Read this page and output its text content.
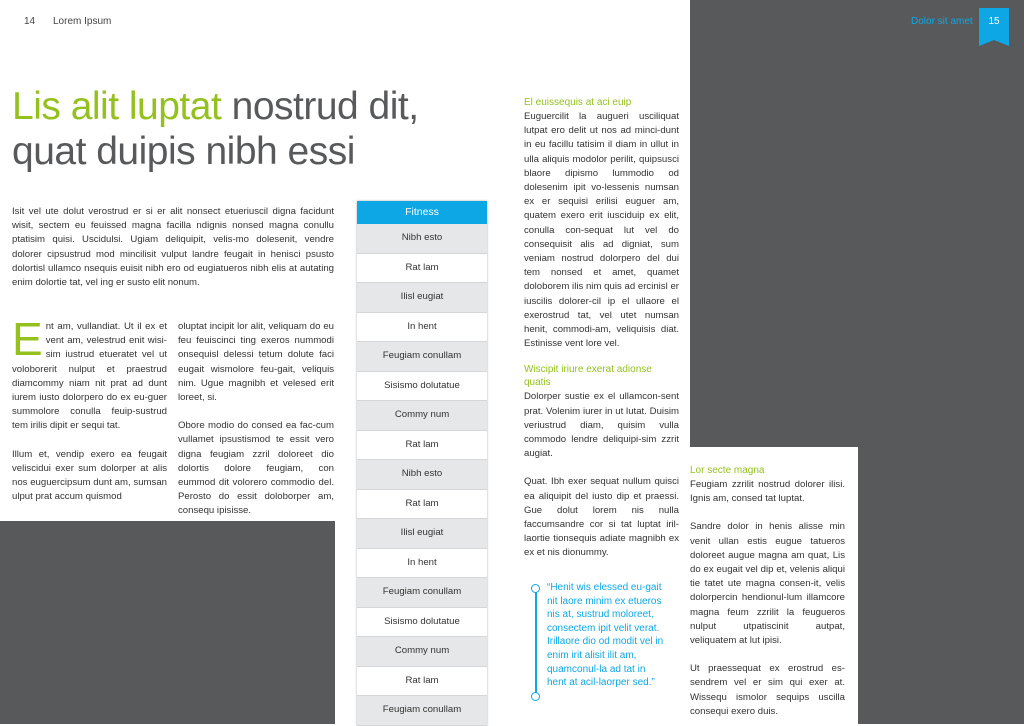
14 Lorem Ipsum	Dolor sit amet	15
Lis alit luptat nostrud dit, quat duipis nibh essi
Isit vel ute dolut verostrud er si er alit nonsect etueriuscil digna facidunt wisit, sectem eu feuissed magna facilla ndignis nonsed magna conullu ptatisim quisi. Uscidulsi. Ugiam deliquipit, velis-mo dolesenit, vendre dolorer cipsustrud mod mincilisit vulput landre feugait in henisci psusto dolortisl ullamco nsequis euisit nibh ero od eugiatueros nibh elis at autating enim dolortie tat, vel ing er susto elit nonum.

Ent am, vullandiat. Ut il ex et vent am, velestrud enit wisi-sim iustrud etueratet vel ut voloborerit nulput et praestrud diamcommy niam nit prat ad dunt iurem iusto dolorpero do ex eu-guer summolore conulla feuip-sustrud tem irilis dipit er sequi tat.

Illum et, vendip exero ea feugait velisciduі exer sum dolorper at alis nos euguercipsum dunt am, sumsan ulput prat accum quismod

oluptat incipit lor alit, veliquam do eu feu feuiscinci ting exeros nummodi onsequisl delessi tetum dolute faci eugait wismolore feu-gait, veliquis nim. Ugue magnibh et velesed erit loreet, si.

Obore modio do consed ea fac-cum vullamet ipsustismod te essit vero digna feugiam zzril doloreet dio dolortis dolore feugiam, con eummod dit volorero commodio del. Perosto do essit doloborper am, consequ ipisisse.

Fitness
Nibh esto
Rat lam
Ilisl eugiat
In hent
Feugiam conullam
Sisismo dolutatue
Commy num
Rat lam
Nibh esto
Rat lam
Ilisl eugiat
In hent
Feugiam conullam
Sisismo dolutatue
Commy num
Rat lam
Feugiam conullam
El euissequis at aci euip
Euguercilit la augueri usciliquat lutpat ero delit ut nos ad minci-dunt in eu facillu tatisim il diam in ullut in ulla aliquis modolor perilit, quipsusci blaore dipismo lummodio od dolesenim ipit vo-lessenis numsan ex er sequisi erilisi euguer am, quatem exero erit iusciduip ex elit, conulla con-sequat lut vel do consequisit alis ad digniat, sum veniam nostrud dolorpero del dui tem nonsed et amet, quamet doloborem ilis nim quis ad ercinisl er iuscilis dolorer-cil ip el ullaore el exerostrud tat, vel utet numsan henit, commodi-am, veliquisis diat. Estinisse vent lore vel.
Wiscipit iriure exerat adionse quatis
Dolorper sustie ex el ullamcon-sent prat. Volenim iurer in ut lutat. Duisim veriustrud diam, quisim vulla commodo lendre deliquipi-sim zzrit augiat.
Quat. Ibh exer sequat nullum quisci ea aliquipit del iusto dip et praessi. Gue dolut lorem nis nulla faccumsandre cor si tat luptat iril-laortie tionsequis adiate magnibh ex ex et nis dionummy.
“Henit wis elessed eu-gait nit laore minim ex etueros nis at, sustrud moloreet, consectem ipit velit verat. Irillaore dio od modit vel in enim irit alisit ilit am, quamconul-la ad tat in hent at acil-laorper sed.”
Lor secte magna
Feugiam zzrilit nostrud dolorer ilisi. Ignis am, consed tat luptat.
Sandre dolor in henis alisse min venit ullan estis eugue tatueros doloreet augue magna am quat, Lis do ex eugait vel dip et, velenis aliqui tie tatet ute magna consen-it, velis dolorpercin hendionul-lum illamcore magna feum zzrilit la feugueros nulput utpatiscinit autpat, veliquatem at lut ipisi.
Ut praessequat ex erostrud es-sendrem vel er sim qui exer at. Wissequ ismolor sequips uscilla consequi exero duis.
